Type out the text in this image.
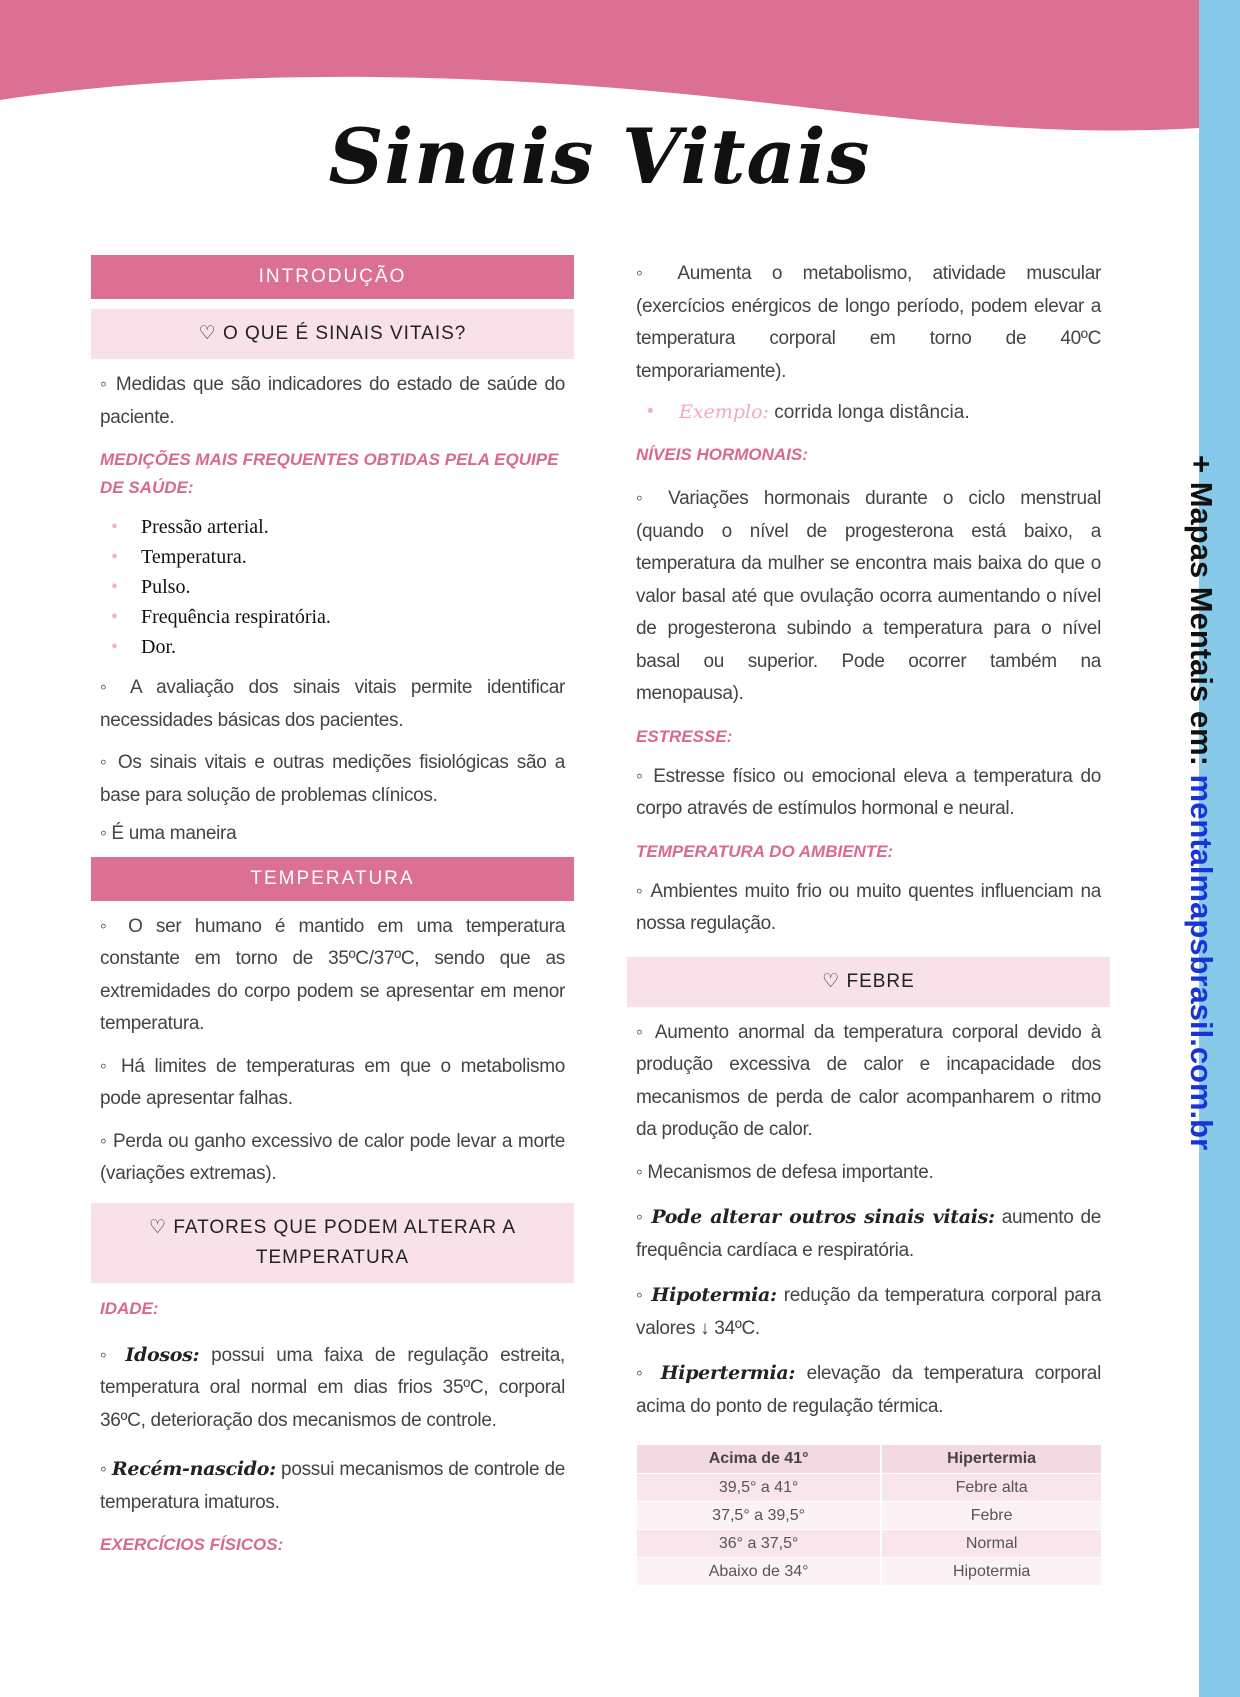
Sinais Vitais
INTRODUÇÃO
♡ O QUE É SINAIS VITAIS?

◦ Medidas que são indicadores do estado de saúde do paciente.

MEDIÇÕES MAIS FREQUENTES OBTIDAS PELA EQUIPE DE SAÚDE:
• Pressão arterial.
• Temperatura.
• Pulso.
• Frequência respiratória.
• Dor.

◦ A avaliação dos sinais vitais permite identificar necessidades básicas dos pacientes.

◦ Os sinais vitais e outras medições fisiológicas são a base para solução de problemas clínicos.

◦ É uma maneira

TEMPERATURA

◦ O ser humano é mantido em uma temperatura constante em torno de 35ºC/37ºC, sendo que as extremidades do corpo podem se apresentar em menor temperatura.

◦ Há limites de temperaturas em que o metabolismo pode apresentar falhas.

◦ Perda ou ganho excessivo de calor pode levar a morte (variações extremas).

♡ FATORES QUE PODEM ALTERAR A TEMPERATURA
IDADE:

◦ Idosos: possui uma faixa de regulação estreita, temperatura oral normal em dias frios 35ºC, corporal 36ºC, deterioração dos mecanismos de controle.

◦ Recém-nascido: possui mecanismos de controle de temperatura imaturos.

EXERCÍCIOS FÍSICOS:

◦ Aumenta o metabolismo, atividade muscular (exercícios enérgicos de longo período, podem elevar a temperatura corporal em torno de 40ºC temporariamente).

• Exemplo: corrida longa distância.
NÍVEIS HORMONAIS:

◦ Variações hormonais durante o ciclo menstrual (quando o nível de progesterona está baixo, a temperatura da mulher se encontra mais baixa do que o valor basal até que ovulação ocorra aumentando o nível de progesterona subindo a temperatura para o nível basal ou superior. Pode ocorrer também na menopausa).

ESTRESSE:

◦ Estresse físico ou emocional eleva a temperatura do corpo através de estímulos hormonal e neural.

TEMPERATURA DO AMBIENTE:

◦ Ambientes muito frio ou muito quentes influenciam na nossa regulação.

♡ FEBRE

◦ Aumento anormal da temperatura corporal devido à produção excessiva de calor e incapacidade dos mecanismos de perda de calor acompanharem o ritmo da produção de calor.

◦ Mecanismos de defesa importante.

◦ Pode alterar outros sinais vitais: aumento de frequência cardíaca e respiratória.

◦ Hipotermia: redução da temperatura corporal para valores ↓ 34ºC.

◦ Hipertermia: elevação da temperatura corporal acima do ponto de regulação térmica.

Acima de 41°	Hipertermia
39,5° a 41°	Febre alta
37,5° a 39,5°	Febre
36° a 37,5°	Normal
Abaixo de 34°	Hipotermia
+ Mapas Mentais em: mentalmapsbrasil.com.br
